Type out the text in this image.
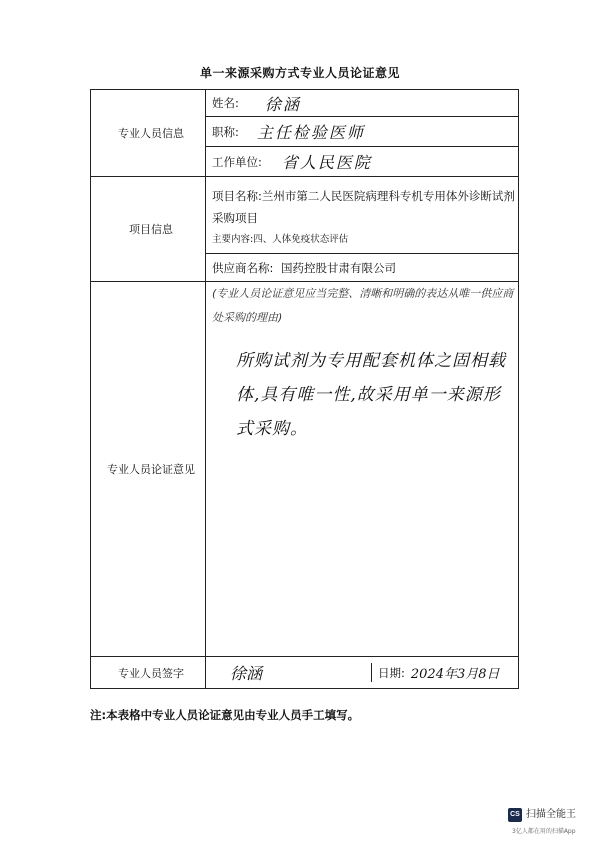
单一来源采购方式专业人员论证意见
专业人员信息	姓名: 徐涵

	职称: 主任检验医师

	工作单位: 省人民医院

项目信息	项目名称:兰州市第二人民医院病理科专机专用体外诊断试剂采购项目
主要内容:四、人体免疫状态评估

	供应商名称: 国药控股甘肃有限公司
专业人员论证意见	(专业人员论证意见应当完整、清晰和明确的表达从唯一供应商处采购的理由)
所购试剂为专用配套机体之固相载体,具有唯一性,故采用单一来源形式采购。

专业人员签字	徐涵 日期: 2024年3月8日
注:本表格中专业人员论证意见由专业人员手工填写。
CS 扫描全能王
3亿人都在用的扫描App
